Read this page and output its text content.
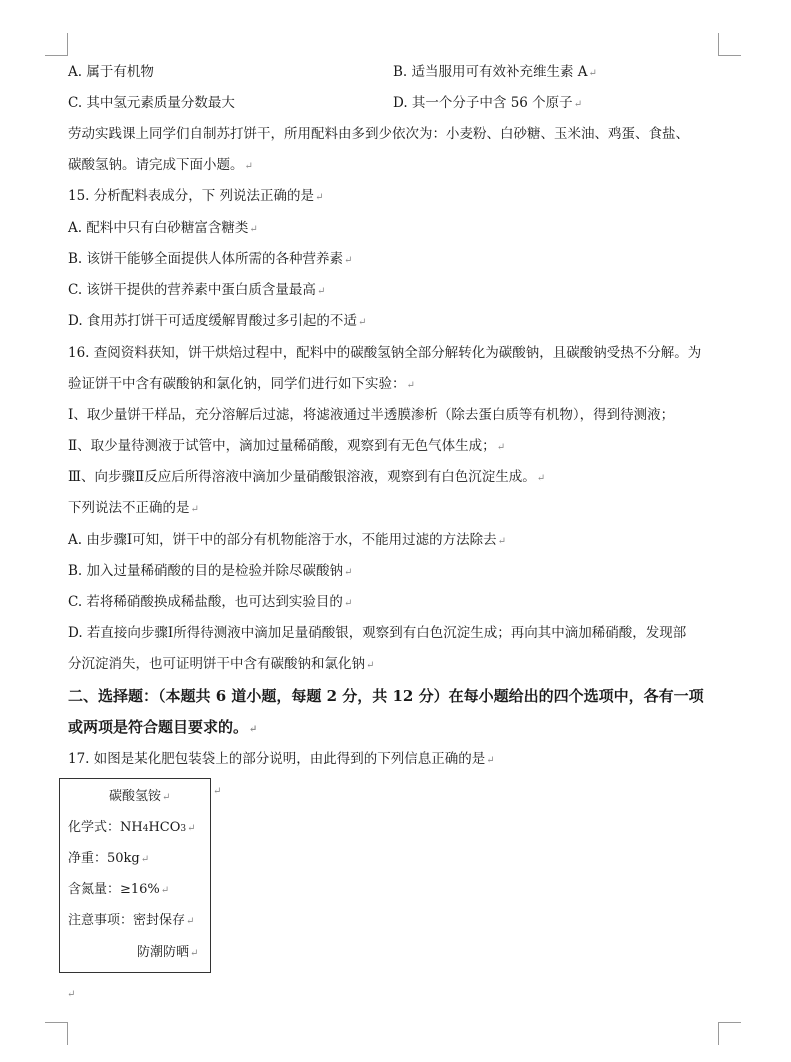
A. 属于有机物	B. 适当服用可有效补充维生素 A↵
C. 其中氢元素质量分数最大	D. 其一个分子中含 56 个原子↵
劳动实践课上同学们自制苏打饼干，所用配料由多到少依次为：小麦粉、白砂糖、玉米油、鸡蛋、食盐、
碳酸氢钠。请完成下面小题。↵
15. 分析配料表成分，下 列说法正确的是↵
A. 配料中只有白砂糖富含糖类↵
B. 该饼干能够全面提供人体所需的各种营养素↵
C. 该饼干提供的营养素中蛋白质含量最高↵
D. 食用苏打饼干可适度缓解胃酸过多引起的不适↵
16. 查阅资料获知，饼干烘焙过程中，配料中的碳酸氢钠全部分解转化为碳酸钠，且碳酸钠受热不分解。为
验证饼干中含有碳酸钠和氯化钠，同学们进行如下实验：↵
Ⅰ、取少量饼干样品，充分溶解后过滤，将滤液通过半透膜渗析（除去蛋白质等有机物），得到待测液；
Ⅱ、取少量待测液于试管中，滴加过量稀硝酸，观察到有无色气体生成；↵
Ⅲ、向步骤Ⅱ反应后所得溶液中滴加少量硝酸银溶液，观察到有白色沉淀生成。↵
下列说法不正确的是↵
A. 由步骤Ⅰ可知，饼干中的部分有机物能溶于水，不能用过滤的方法除去↵
B. 加入过量稀硝酸的目的是检验并除尽碳酸钠↵
C. 若将稀硝酸换成稀盐酸，也可达到实验目的↵
D. 若直接向步骤Ⅰ所得待测液中滴加足量硝酸银，观察到有白色沉淀生成；再向其中滴加稀硝酸，发现部
分沉淀消失，也可证明饼干中含有碳酸钠和氯化钠↵
二、选择题：（本题共 6 道小题，每题 2 分，共 12 分）在每小题给出的四个选项中，各有一项
或两项是符合题目要求的。↵
17. 如图是某化肥包装袋上的部分说明，由此得到的下列信息正确的是↵
碳酸氢铵↵
化学式：NH4HCO3↵
净重：50kg↵
含氮量：≥16%↵
注意事项：密封保存↵
防潮防晒↵
↵
↵
